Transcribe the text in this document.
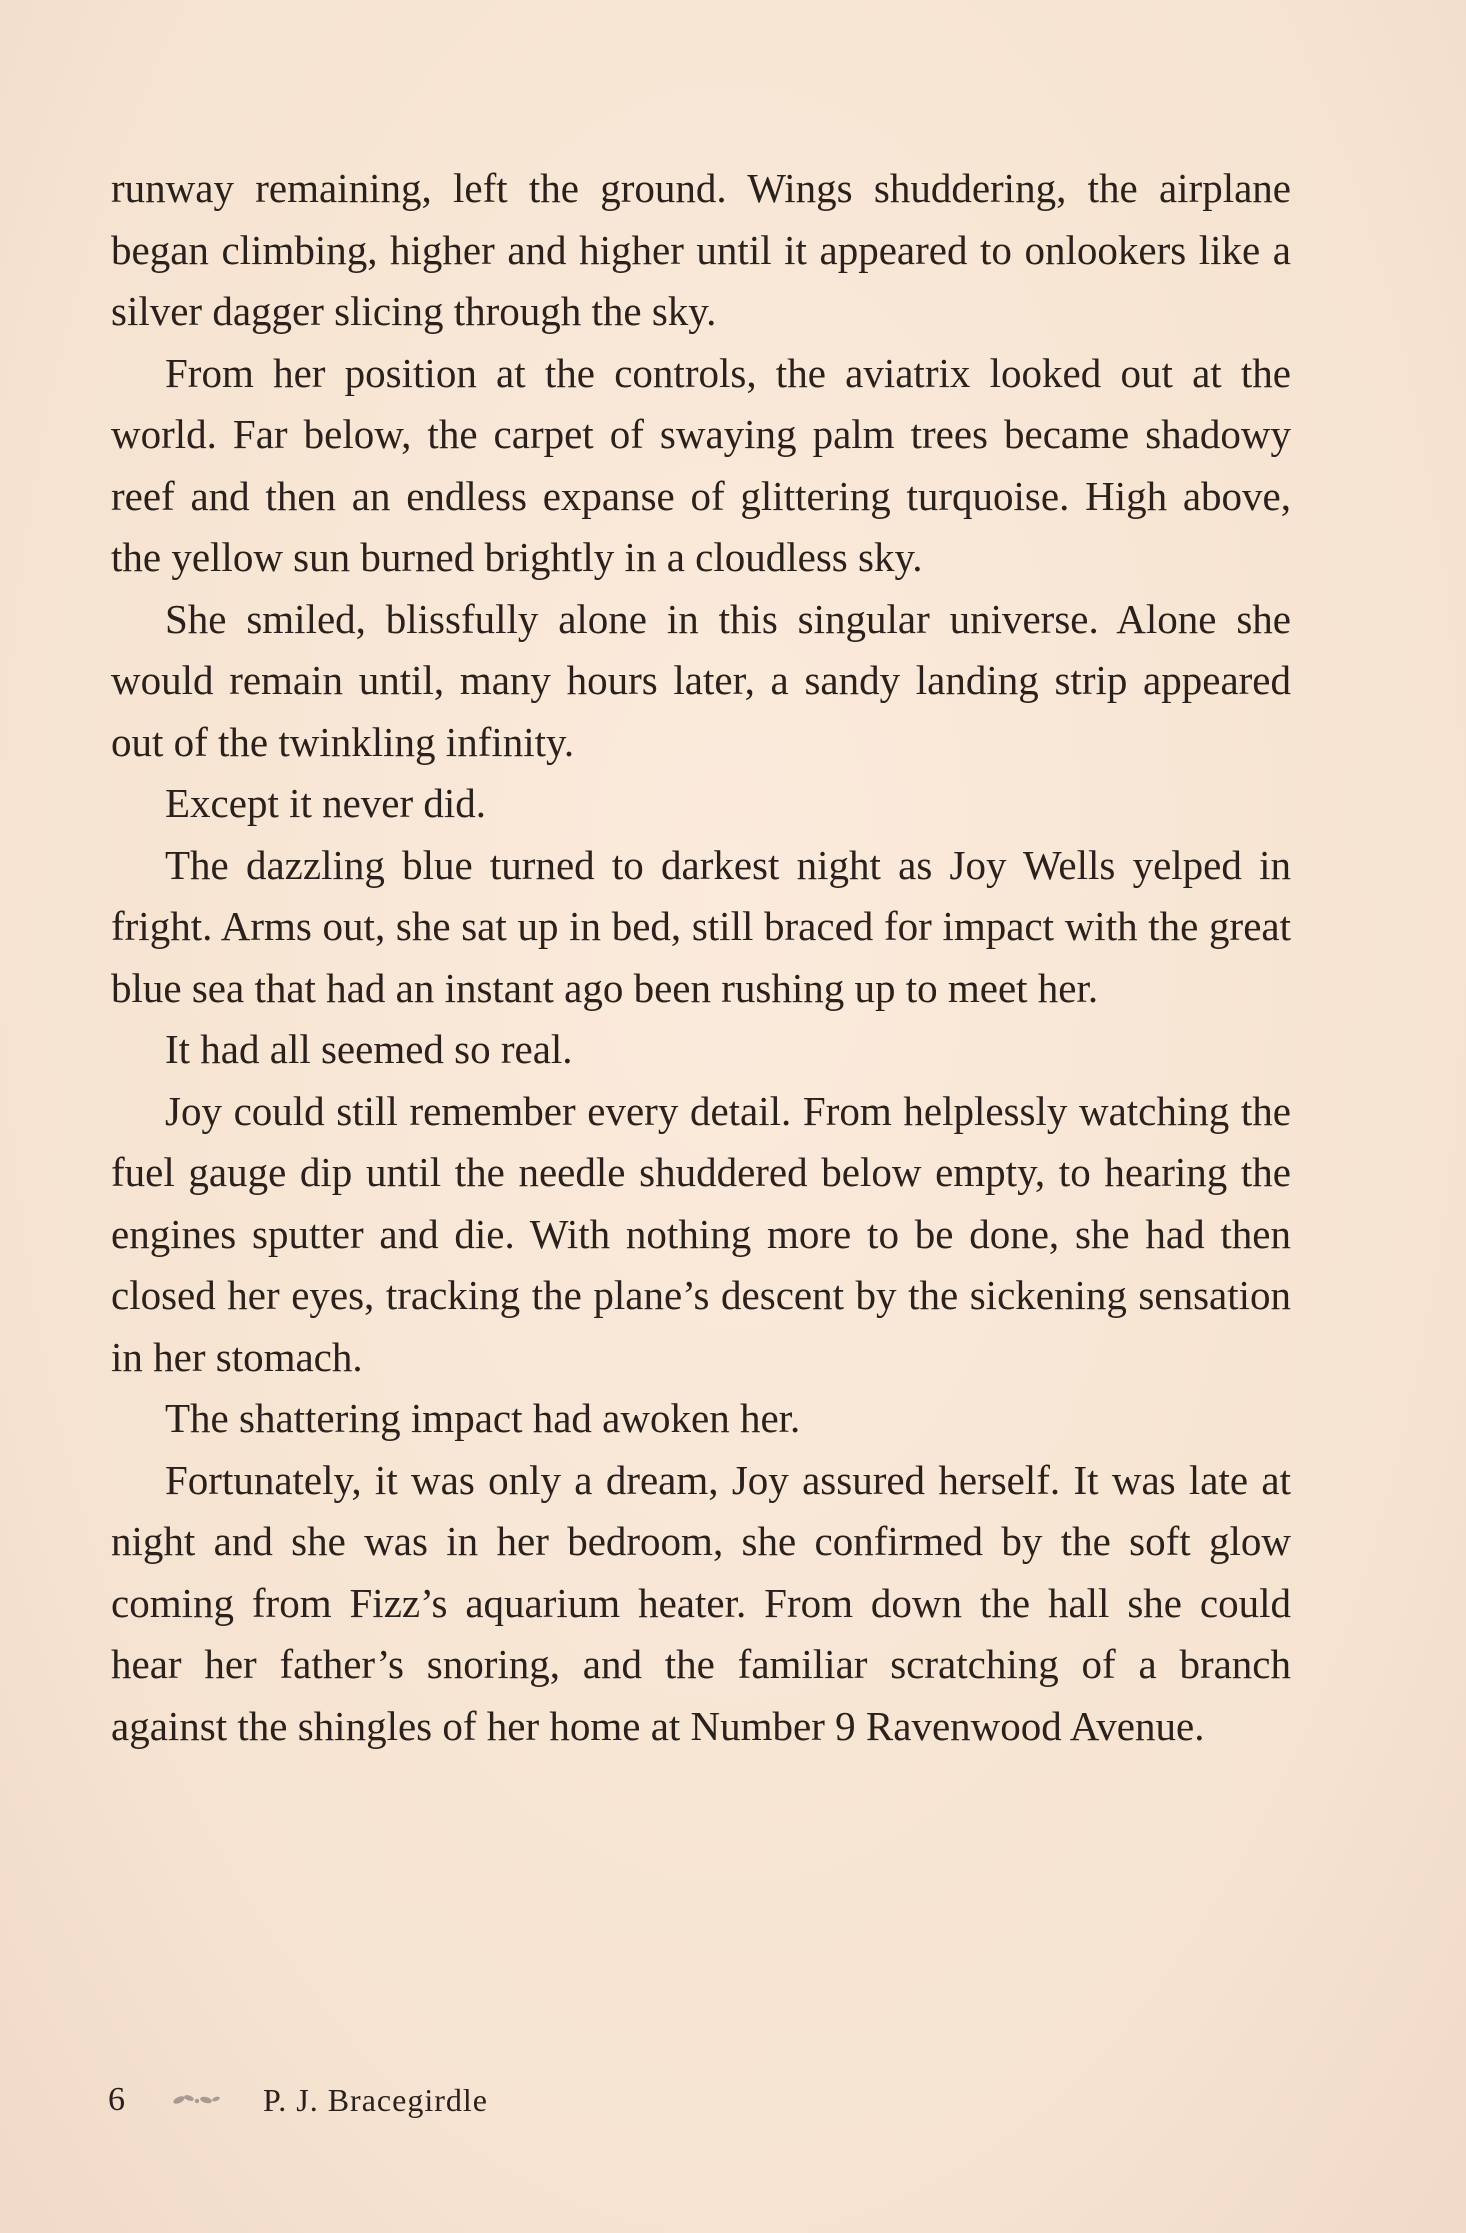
runway remaining, left the ground. Wings shuddering, the airplane began climbing, higher and higher until it appeared to onlookers like a silver dagger slicing through the sky.

From her position at the controls, the aviatrix looked out at the world. Far below, the carpet of swaying palm trees became shadowy reef and then an endless expanse of glittering turquoise. High above, the yellow sun burned brightly in a cloudless sky.

She smiled, blissfully alone in this singular universe. Alone she would remain until, many hours later, a sandy landing strip appeared out of the twinkling infinity.

Except it never did.

The dazzling blue turned to darkest night as Joy Wells yelped in fright. Arms out, she sat up in bed, still braced for impact with the great blue sea that had an instant ago been rushing up to meet her.

It had all seemed so real.

Joy could still remember every detail. From helplessly watching the fuel gauge dip until the needle shuddered below empty, to hearing the engines sputter and die. With nothing more to be done, she had then closed her eyes, tracking the plane’s descent by the sickening sensation in her stomach.

The shattering impact had awoken her.

Fortunately, it was only a dream, Joy assured herself. It was late at night and she was in her bedroom, she confirmed by the soft glow coming from Fizz’s aquarium heater. From down the hall she could hear her father’s snoring, and the familiar scratching of a branch against the shingles of her home at Number 9 Ravenwood Avenue.

6	P. J. Bracegirdle
